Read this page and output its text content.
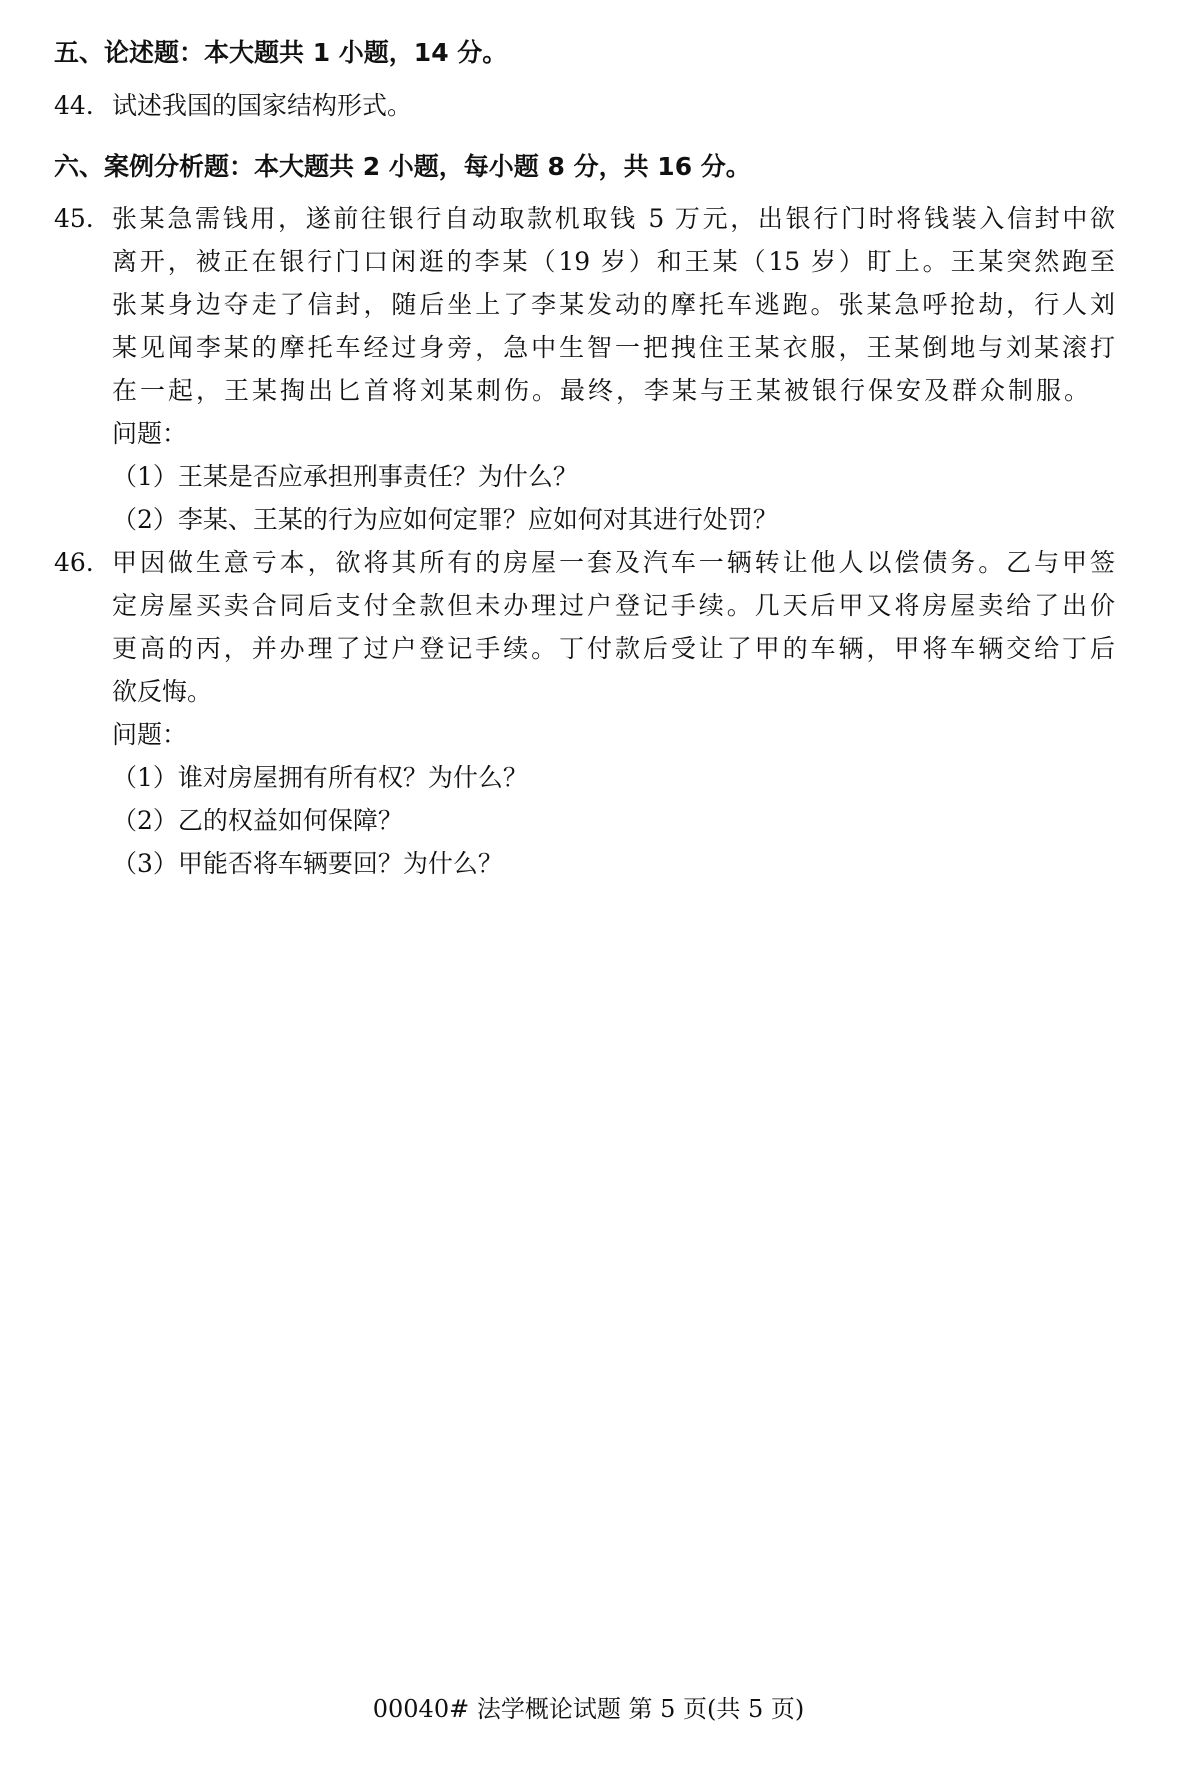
五、论述题：本大题共 1 小题，14 分。
44. 试述我国的国家结构形式。
六、案例分析题：本大题共 2 小题，每小题 8 分，共 16 分。
45. 张某急需钱用，遂前往银行自动取款机取钱 5 万元，出银行门时将钱装入信封中欲
离开，被正在银行门口闲逛的李某（19 岁）和王某（15 岁）盯上。王某突然跑至
张某身边夺走了信封，随后坐上了李某发动的摩托车逃跑。张某急呼抢劫，行人刘
某见闻李某的摩托车经过身旁，急中生智一把拽住王某衣服，王某倒地与刘某滚打
在一起，王某掏出匕首将刘某刺伤。最终，李某与王某被银行保安及群众制服。
问题：
（1）王某是否应承担刑事责任？为什么？
（2）李某、王某的行为应如何定罪？应如何对其进行处罚？
46. 甲因做生意亏本，欲将其所有的房屋一套及汽车一辆转让他人以偿债务。乙与甲签
定房屋买卖合同后支付全款但未办理过户登记手续。几天后甲又将房屋卖给了出价
更高的丙，并办理了过户登记手续。丁付款后受让了甲的车辆，甲将车辆交给丁后
欲反悔。
问题：
（1）谁对房屋拥有所有权？为什么？
（2）乙的权益如何保障？
（3）甲能否将车辆要回？为什么？
00040# 法学概论试题 第 5 页(共 5 页)
